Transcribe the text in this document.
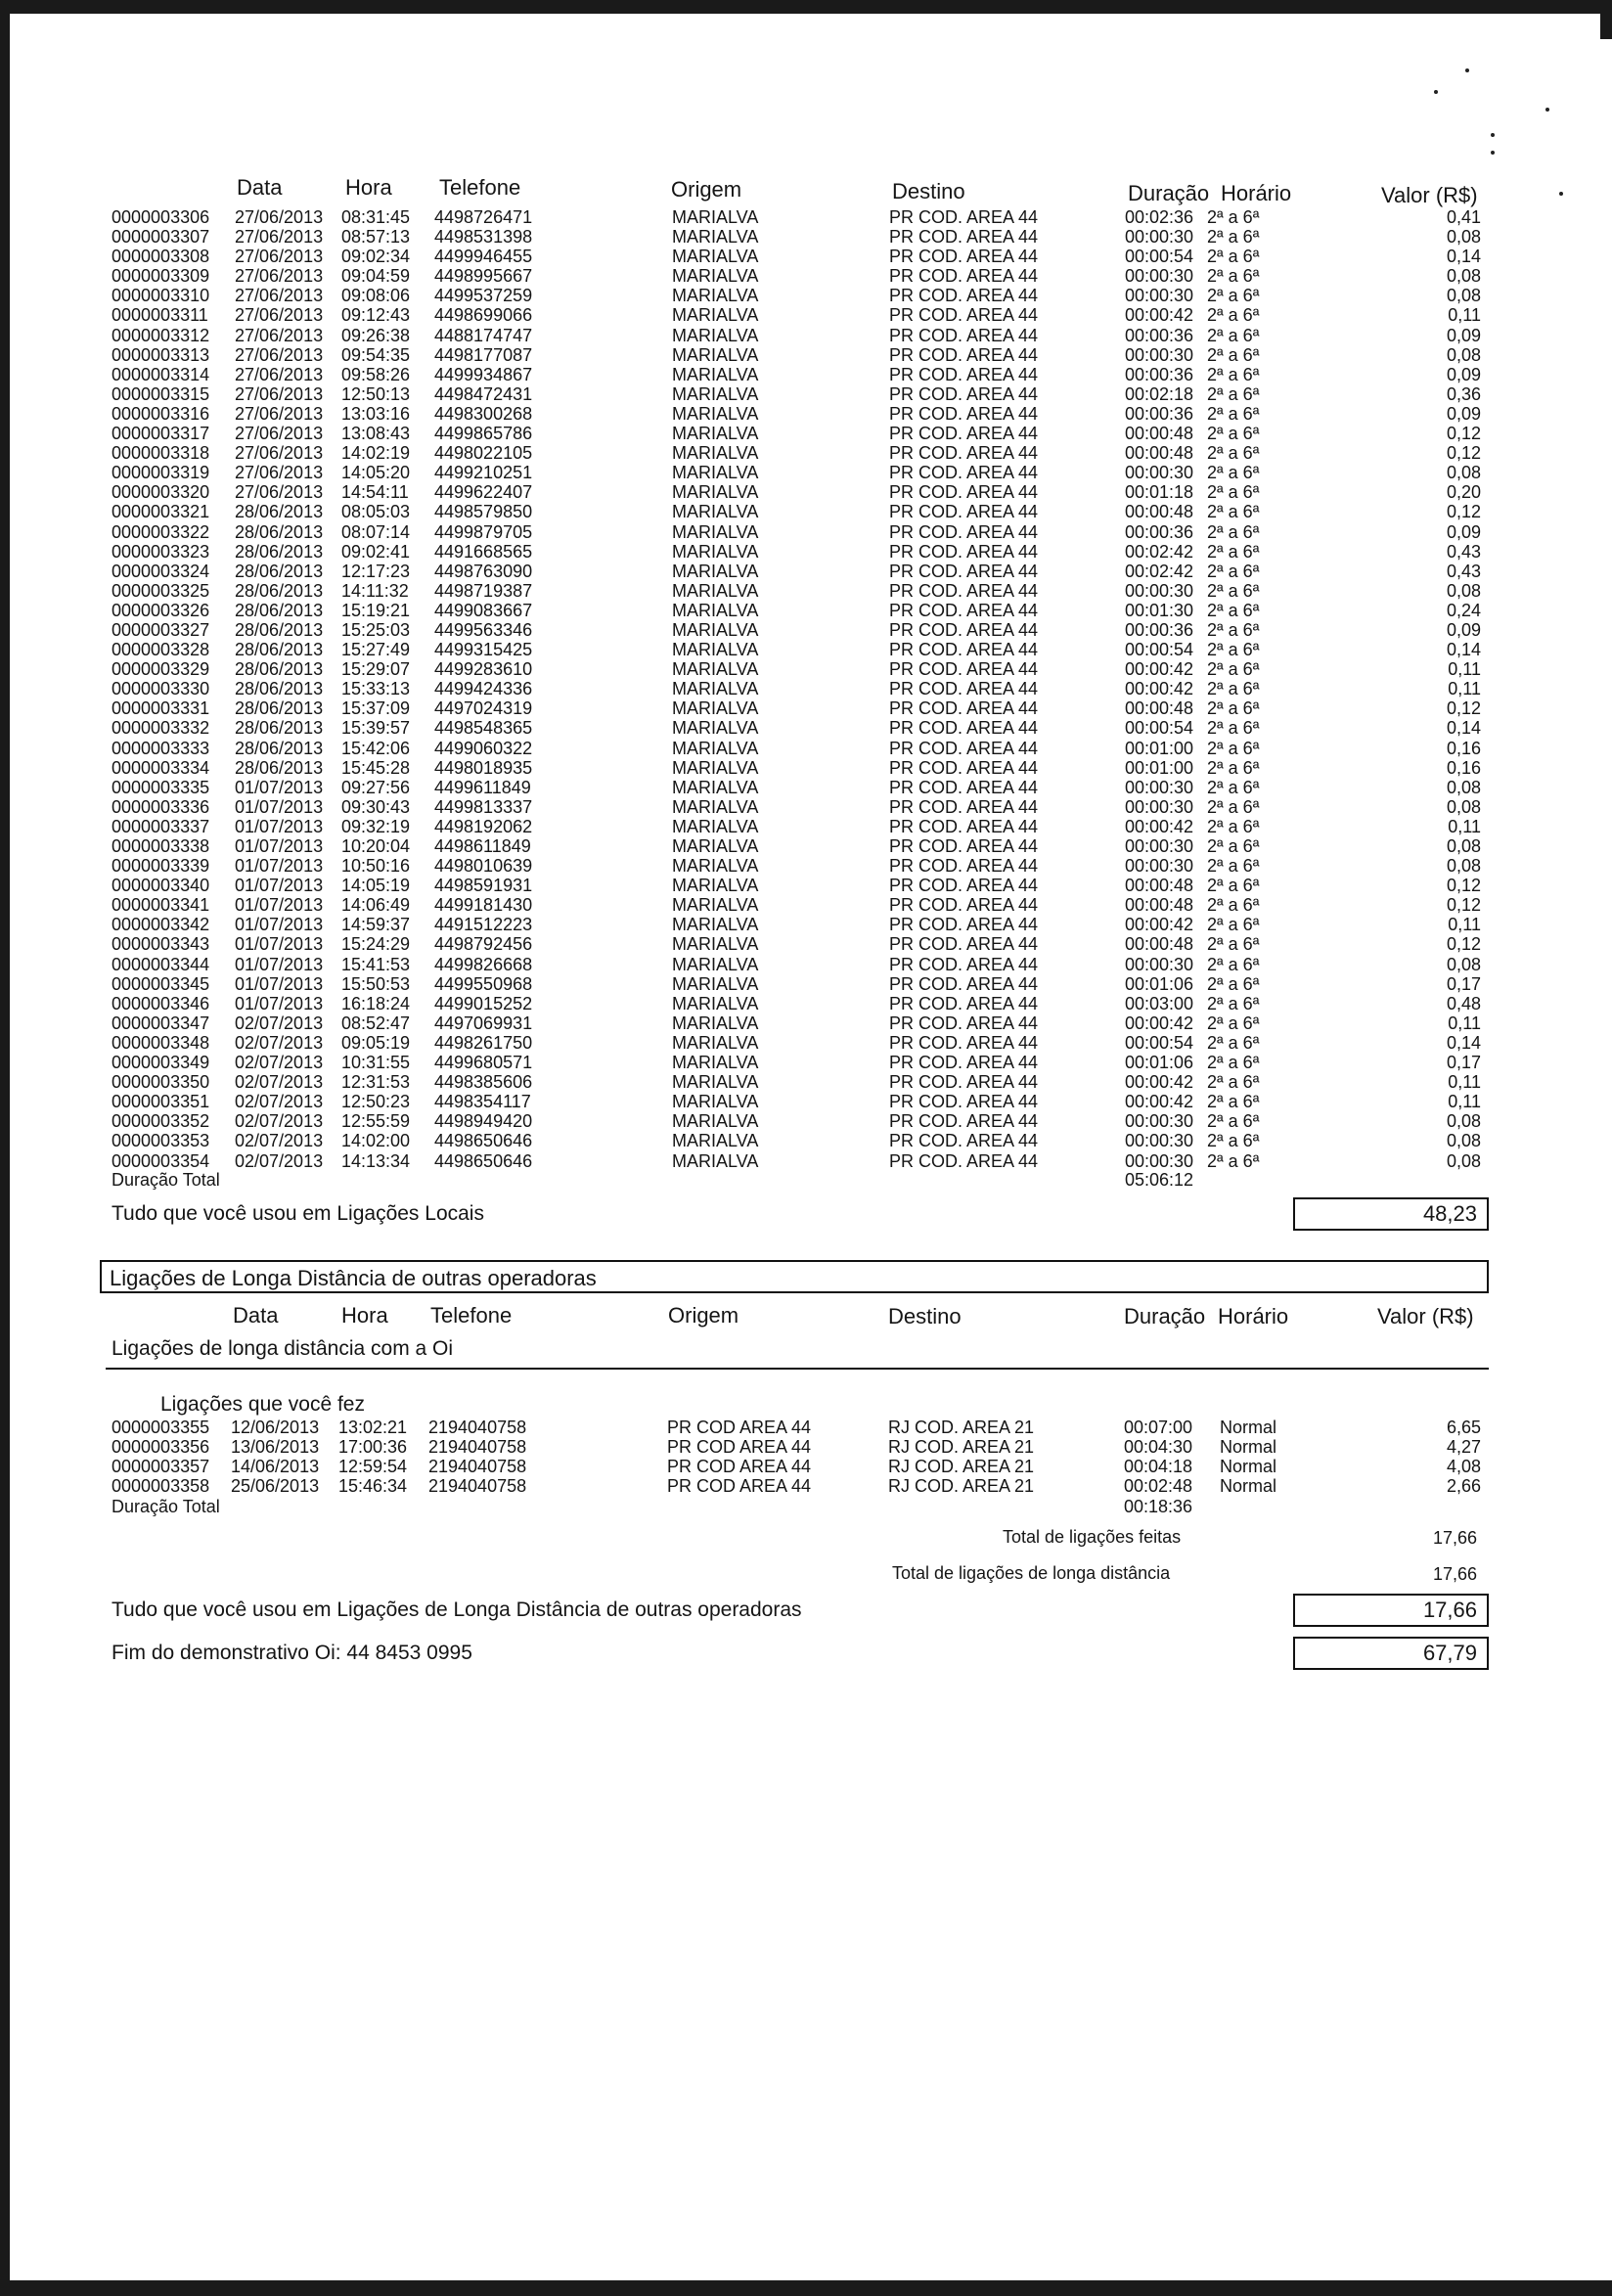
Data	Hora Telefone	Origem	Destino	Duração Horário	Valor (R$)
0000003306 27/06/2013 08:31:45 4498726471	MARIALVA	PR COD. AREA 44	00:02:36 2ª a 6ª	0,41
0000003307 27/06/2013 08:57:13 4498531398	MARIALVA	PR COD. AREA 44	00:00:30 2ª a 6ª	0,08
0000003308 27/06/2013 09:02:34 4499946455	MARIALVA	PR COD. AREA 44	00:00:54 2ª a 6ª	0,14
0000003309 27/06/2013 09:04:59 4498995667	MARIALVA	PR COD. AREA 44	00:00:30 2ª a 6ª	0,08
0000003310 27/06/2013 09:08:06 4499537259	MARIALVA	PR COD. AREA 44	00:00:30 2ª a 6ª	0,08
0000003311 27/06/2013 09:12:43 4498699066	MARIALVA	PR COD. AREA 44	00:00:42 2ª a 6ª	0,11
0000003312 27/06/2013 09:26:38 4488174747	MARIALVA	PR COD. AREA 44	00:00:36 2ª a 6ª	0,09
0000003313 27/06/2013 09:54:35 4498177087	MARIALVA	PR COD. AREA 44	00:00:30 2ª a 6ª	0,08
0000003314 27/06/2013 09:58:26 4499934867	MARIALVA	PR COD. AREA 44	00:00:36 2ª a 6ª	0,09
0000003315 27/06/2013 12:50:13 4498472431	MARIALVA	PR COD. AREA 44	00:02:18 2ª a 6ª	0,36
0000003316 27/06/2013 13:03:16 4498300268	MARIALVA	PR COD. AREA 44	00:00:36 2ª a 6ª	0,09
0000003317 27/06/2013 13:08:43 4499865786	MARIALVA	PR COD. AREA 44	00:00:48 2ª a 6ª	0,12
0000003318 27/06/2013 14:02:19 4498022105	MARIALVA	PR COD. AREA 44	00:00:48 2ª a 6ª	0,12
0000003319 27/06/2013 14:05:20 4499210251	MARIALVA	PR COD. AREA 44	00:00:30 2ª a 6ª	0,08
0000003320 27/06/2013 14:54:11 4499622407	MARIALVA	PR COD. AREA 44	00:01:18 2ª a 6ª	0,20
0000003321 28/06/2013 08:05:03 4498579850	MARIALVA	PR COD. AREA 44	00:00:48 2ª a 6ª	0,12
0000003322 28/06/2013 08:07:14 4499879705	MARIALVA	PR COD. AREA 44	00:00:36 2ª a 6ª	0,09
0000003323 28/06/2013 09:02:41 4491668565	MARIALVA	PR COD. AREA 44	00:02:42 2ª a 6ª	0,43
0000003324 28/06/2013 12:17:23 4498763090	MARIALVA	PR COD. AREA 44	00:02:42 2ª a 6ª	0,43
0000003325 28/06/2013 14:11:32 4498719387	MARIALVA	PR COD. AREA 44	00:00:30 2ª a 6ª	0,08
0000003326 28/06/2013 15:19:21 4499083667	MARIALVA	PR COD. AREA 44	00:01:30 2ª a 6ª	0,24
0000003327 28/06/2013 15:25:03 4499563346	MARIALVA	PR COD. AREA 44	00:00:36 2ª a 6ª	0,09
0000003328 28/06/2013 15:27:49 4499315425	MARIALVA	PR COD. AREA 44	00:00:54 2ª a 6ª	0,14
0000003329 28/06/2013 15:29:07 4499283610	MARIALVA	PR COD. AREA 44	00:00:42 2ª a 6ª	0,11
0000003330 28/06/2013 15:33:13 4499424336	MARIALVA	PR COD. AREA 44	00:00:42 2ª a 6ª	0,11
0000003331 28/06/2013 15:37:09 4497024319	MARIALVA	PR COD. AREA 44	00:00:48 2ª a 6ª	0,12
0000003332 28/06/2013 15:39:57 4498548365	MARIALVA	PR COD. AREA 44	00:00:54 2ª a 6ª	0,14
0000003333 28/06/2013 15:42:06 4499060322	MARIALVA	PR COD. AREA 44	00:01:00 2ª a 6ª	0,16
0000003334 28/06/2013 15:45:28 4498018935	MARIALVA	PR COD. AREA 44	00:01:00 2ª a 6ª	0,16
0000003335 01/07/2013 09:27:56 4499611849	MARIALVA	PR COD. AREA 44	00:00:30 2ª a 6ª	0,08
0000003336 01/07/2013 09:30:43 4499813337	MARIALVA	PR COD. AREA 44	00:00:30 2ª a 6ª	0,08
0000003337 01/07/2013 09:32:19 4498192062	MARIALVA	PR COD. AREA 44	00:00:42 2ª a 6ª	0,11
0000003338 01/07/2013 10:20:04 4498611849	MARIALVA	PR COD. AREA 44	00:00:30 2ª a 6ª	0,08
0000003339 01/07/2013 10:50:16 4498010639	MARIALVA	PR COD. AREA 44	00:00:30 2ª a 6ª	0,08
0000003340 01/07/2013 14:05:19 4498591931	MARIALVA	PR COD. AREA 44	00:00:48 2ª a 6ª	0,12
0000003341 01/07/2013 14:06:49 4499181430	MARIALVA	PR COD. AREA 44	00:00:48 2ª a 6ª	0,12
0000003342 01/07/2013 14:59:37 4491512223	MARIALVA	PR COD. AREA 44	00:00:42 2ª a 6ª	0,11
0000003343 01/07/2013 15:24:29 4498792456	MARIALVA	PR COD. AREA 44	00:00:48 2ª a 6ª	0,12
0000003344 01/07/2013 15:41:53 4499826668	MARIALVA	PR COD. AREA 44	00:00:30 2ª a 6ª	0,08
0000003345 01/07/2013 15:50:53 4499550968	MARIALVA	PR COD. AREA 44	00:01:06 2ª a 6ª	0,17
0000003346 01/07/2013 16:18:24 4499015252	MARIALVA	PR COD. AREA 44	00:03:00 2ª a 6ª	0,48
0000003347 02/07/2013 08:52:47 4497069931	MARIALVA	PR COD. AREA 44	00:00:42 2ª a 6ª	0,11
0000003348 02/07/2013 09:05:19 4498261750	MARIALVA	PR COD. AREA 44	00:00:54 2ª a 6ª	0,14
0000003349 02/07/2013 10:31:55 4499680571	MARIALVA	PR COD. AREA 44	00:01:06 2ª a 6ª	0,17
0000003350 02/07/2013 12:31:53 4498385606	MARIALVA	PR COD. AREA 44	00:00:42 2ª a 6ª	0,11
0000003351 02/07/2013 12:50:23 4498354117	MARIALVA	PR COD. AREA 44	00:00:42 2ª a 6ª	0,11
0000003352 02/07/2013 12:55:59 4498949420	MARIALVA	PR COD. AREA 44	00:00:30 2ª a 6ª	0,08
0000003353 02/07/2013 14:02:00 4498650646	MARIALVA	PR COD. AREA 44	00:00:30 2ª a 6ª	0,08
0000003354 02/07/2013 14:13:34 4498650646	MARIALVA	PR COD. AREA 44	00:00:30 2ª a 6ª	0,08
Duração Total	05:06:12
Tudo que você usou em Ligações Locais	48,23
Ligações de Longa Distância de outras operadoras
Data	Hora Telefone	Origem	Destino	Duração Horário	Valor (R$)
Ligações de longa distância com a Oi
Ligações que você fez
0000003355 12/06/2013 13:02:21 2194040758	PR COD AREA 44	RJ COD. AREA 21	00:07:00 Normal	6,65
0000003356 13/06/2013 17:00:36 2194040758	PR COD AREA 44	RJ COD. AREA 21	00:04:30 Normal	4,27
0000003357 14/06/2013 12:59:54 2194040758	PR COD AREA 44	RJ COD. AREA 21	00:04:18 Normal	4,08
0000003358 25/06/2013 15:46:34 2194040758	PR COD AREA 44	RJ COD. AREA 21	00:02:48 Normal	2,66
Duração Total	00:18:36
Total de ligações feitas	17,66
Total de ligações de longa distância	17,66
Tudo que você usou em Ligações de Longa Distância de outras operadoras	17,66
Fim do demonstrativo Oi: 44 8453 0995	67,79
